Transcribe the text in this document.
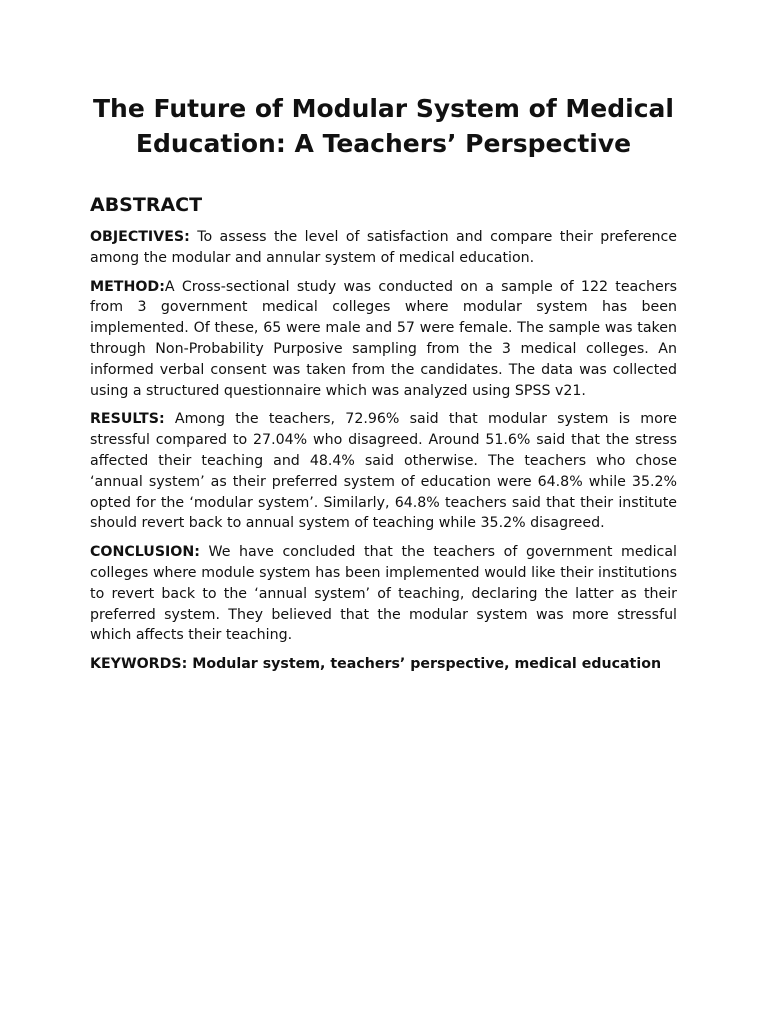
The Future of Modular System of Medical Education: A Teachers’ Perspective
ABSTRACT

OBJECTIVES: To assess the level of satisfaction and compare their preference among the modular and annular system of medical education.

METHOD:A Cross-sectional study was conducted on a sample of 122 teachers from 3 government medical colleges where modular system has been implemented. Of these, 65 were male and 57 were female. The sample was taken through Non-Probability Purposive sampling from the 3 medical colleges. An informed verbal consent was taken from the candidates. The data was collected using a structured questionnaire which was analyzed using SPSS v21.

RESULTS: Among the teachers, 72.96% said that modular system is more stressful compared to 27.04% who disagreed. Around 51.6% said that the stress affected their teaching and 48.4% said otherwise. The teachers who chose ‘annual system’ as their preferred system of education were 64.8% while 35.2% opted for the ‘modular system’. Similarly, 64.8% teachers said that their institute should revert back to annual system of teaching while 35.2% disagreed.

CONCLUSION: We have concluded that the teachers of government medical colleges where module system has been implemented would like their institutions to revert back to the ‘annual system’ of teaching, declaring the latter as their preferred system. They believed that the modular system was more stressful which affects their teaching.

KEYWORDS: Modular system, teachers’ perspective, medical education
